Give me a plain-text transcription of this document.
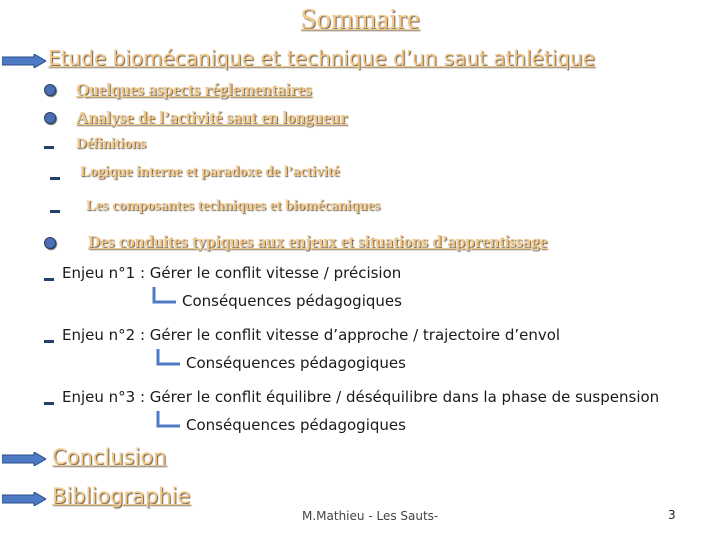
Sommaire
Etude biomécanique et technique d’un saut athlétique
Quelques aspects réglementaires
Analyse de l’activité saut en longueur
Définitions
Logique interne et paradoxe de l’activité
Les composantes techniques et biomécaniques
Des conduites typiques aux enjeux et situations d’apprentissage
Enjeu n°1 : Gérer le conflit vitesse / précision
Conséquences pédagogiques
Enjeu n°2 : Gérer le conflit vitesse d’approche / trajectoire d’envol
Conséquences pédagogiques
Enjeu n°3 : Gérer le conflit équilibre / déséquilibre dans la phase de suspension
Conséquences pédagogiques
Conclusion
Bibliographie
M.Mathieu - Les Sauts-	3
